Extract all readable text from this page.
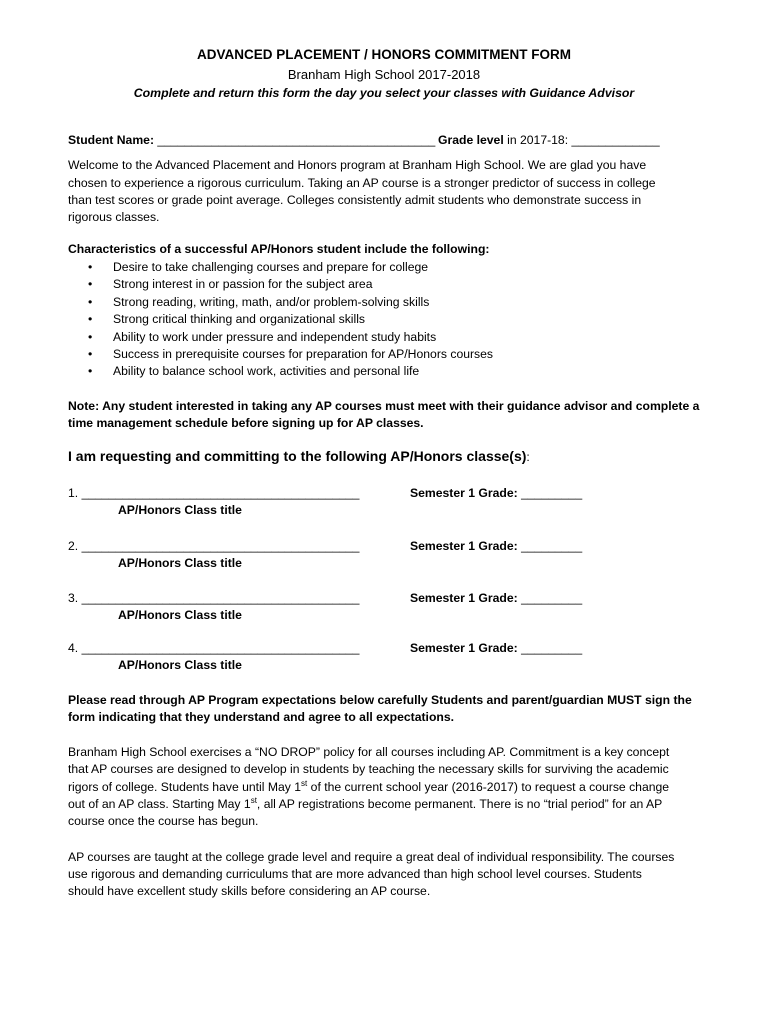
ADVANCED PLACEMENT / HONORS COMMITMENT FORM
Branham High School 2017-2018
Complete and return this form the day you select your classes with Guidance Advisor
Student Name: _________________________________________ Grade level in 2017-18: _____________
Welcome to the Advanced Placement and Honors program at Branham High School. We are glad you have
chosen to experience a rigorous curriculum. Taking an AP course is a stronger predictor of success in college
than test scores or grade point average. Colleges consistently admit students who demonstrate success in
rigorous classes.
Characteristics of a successful AP/Honors student include the following:
• Desire to take challenging courses and prepare for college
• Strong interest in or passion for the subject area
• Strong reading, writing, math, and/or problem-solving skills
• Strong critical thinking and organizational skills
• Ability to work under pressure and independent study habits
• Success in prerequisite courses for preparation for AP/Honors courses
• Ability to balance school work, activities and personal life
Note: Any student interested in taking any AP courses must meet with their guidance advisor and complete a
time management schedule before signing up for AP classes.
I am requesting and committing to the following AP/Honors classe(s):
1. _________________________________________	Semester 1 Grade: _________
AP/Honors Class title
2. _________________________________________	Semester 1 Grade: _________
AP/Honors Class title
3. _________________________________________	Semester 1 Grade: _________
AP/Honors Class title
4. _________________________________________	Semester 1 Grade: _________
AP/Honors Class title
Please read through AP Program expectations below carefully Students and parent/guardian MUST sign the
form indicating that they understand and agree to all expectations.
Branham High School exercises a “NO DROP” policy for all courses including AP. Commitment is a key concept
that AP courses are designed to develop in students by teaching the necessary skills for surviving the academic
rigors of college. Students have until May 1st of the current school year (2016-2017) to request a course change
out of an AP class. Starting May 1st, all AP registrations become permanent. There is no “trial period” for an AP
course once the course has begun.
AP courses are taught at the college grade level and require a great deal of individual responsibility. The courses
use rigorous and demanding curriculums that are more advanced than high school level courses. Students
should have excellent study skills before considering an AP course.
